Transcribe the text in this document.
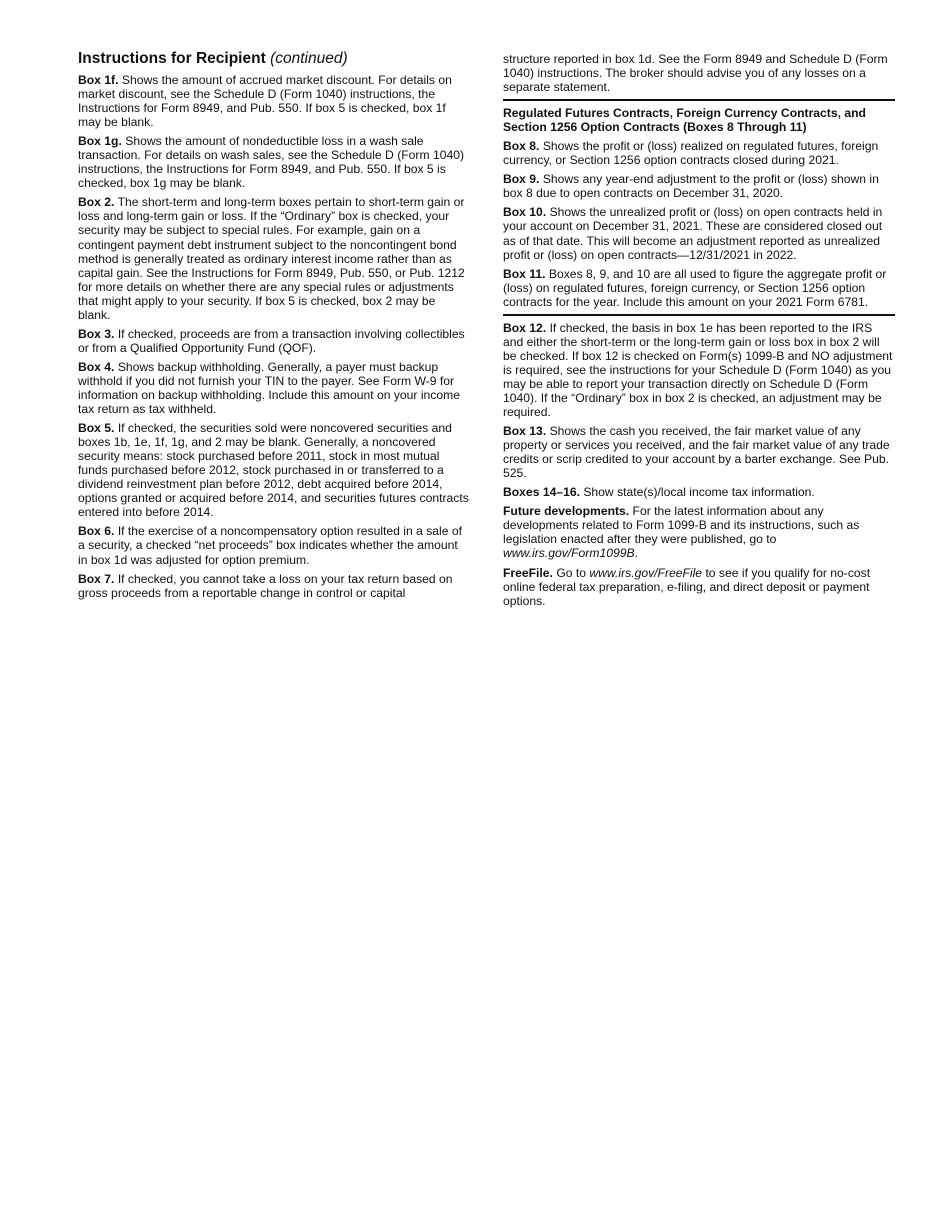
Instructions for Recipient (continued)

Box 1f. Shows the amount of accrued market discount. For details on market discount, see the Schedule D (Form 1040) instructions, the Instructions for Form 8949, and Pub. 550. If box 5 is checked, box 1f may be blank.

Box 1g. Shows the amount of nondeductible loss in a wash sale transaction. For details on wash sales, see the Schedule D (Form 1040) instructions, the Instructions for Form 8949, and Pub. 550. If box 5 is checked, box 1g may be blank.

Box 2. The short-term and long-term boxes pertain to short-term gain or loss and long-term gain or loss. If the “Ordinary” box is checked, your security may be subject to special rules. For example, gain on a contingent payment debt instrument subject to the noncontingent bond method is generally treated as ordinary interest income rather than as capital gain. See the Instructions for Form 8949, Pub. 550, or Pub. 1212 for more details on whether there are any special rules or adjustments that might apply to your security. If box 5 is checked, box 2 may be blank.

Box 3. If checked, proceeds are from a transaction involving collectibles or from a Qualified Opportunity Fund (QOF).

Box 4. Shows backup withholding. Generally, a payer must backup withhold if you did not furnish your TIN to the payer. See Form W-9 for information on backup withholding. Include this amount on your income tax return as tax withheld.

Box 5. If checked, the securities sold were noncovered securities and boxes 1b, 1e, 1f, 1g, and 2 may be blank. Generally, a noncovered security means: stock purchased before 2011, stock in most mutual funds purchased before 2012, stock purchased in or transferred to a dividend reinvestment plan before 2012, debt acquired before 2014, options granted or acquired before 2014, and securities futures contracts entered into before 2014.

Box 6. If the exercise of a noncompensatory option resulted in a sale of a security, a checked “net proceeds” box indicates whether the amount in box 1d was adjusted for option premium.

Box 7. If checked, you cannot take a loss on your tax return based on gross proceeds from a reportable change in control or capital

structure reported in box 1d. See the Form 8949 and Schedule D (Form 1040) instructions. The broker should advise you of any losses on a separate statement.

Regulated Futures Contracts, Foreign Currency Contracts, and Section 1256 Option Contracts (Boxes 8 Through 11)

Box 8. Shows the profit or (loss) realized on regulated futures, foreign currency, or Section 1256 option contracts closed during 2021.

Box 9. Shows any year-end adjustment to the profit or (loss) shown in box 8 due to open contracts on December 31, 2020.

Box 10. Shows the unrealized profit or (loss) on open contracts held in your account on December 31, 2021. These are considered closed out as of that date. This will become an adjustment reported as unrealized profit or (loss) on open contracts—12/31/2021 in 2022.

Box 11. Boxes 8, 9, and 10 are all used to figure the aggregate profit or (loss) on regulated futures, foreign currency, or Section 1256 option contracts for the year. Include this amount on your 2021 Form 6781.

Box 12. If checked, the basis in box 1e has been reported to the IRS and either the short-term or the long-term gain or loss box in box 2 will be checked. If box 12 is checked on Form(s) 1099-B and NO adjustment is required, see the instructions for your Schedule D (Form 1040) as you may be able to report your transaction directly on Schedule D (Form 1040). If the “Ordinary” box in box 2 is checked, an adjustment may be required.

Box 13. Shows the cash you received, the fair market value of any property or services you received, and the fair market value of any trade credits or scrip credited to your account by a barter exchange. See Pub. 525.

Boxes 14–16. Show state(s)/local income tax information.

Future developments. For the latest information about any developments related to Form 1099-B and its instructions, such as legislation enacted after they were published, go to www.irs.gov/Form1099B.

FreeFile. Go to www.irs.gov/FreeFile to see if you qualify for no-cost online federal tax preparation, e-filing, and direct deposit or payment options.
